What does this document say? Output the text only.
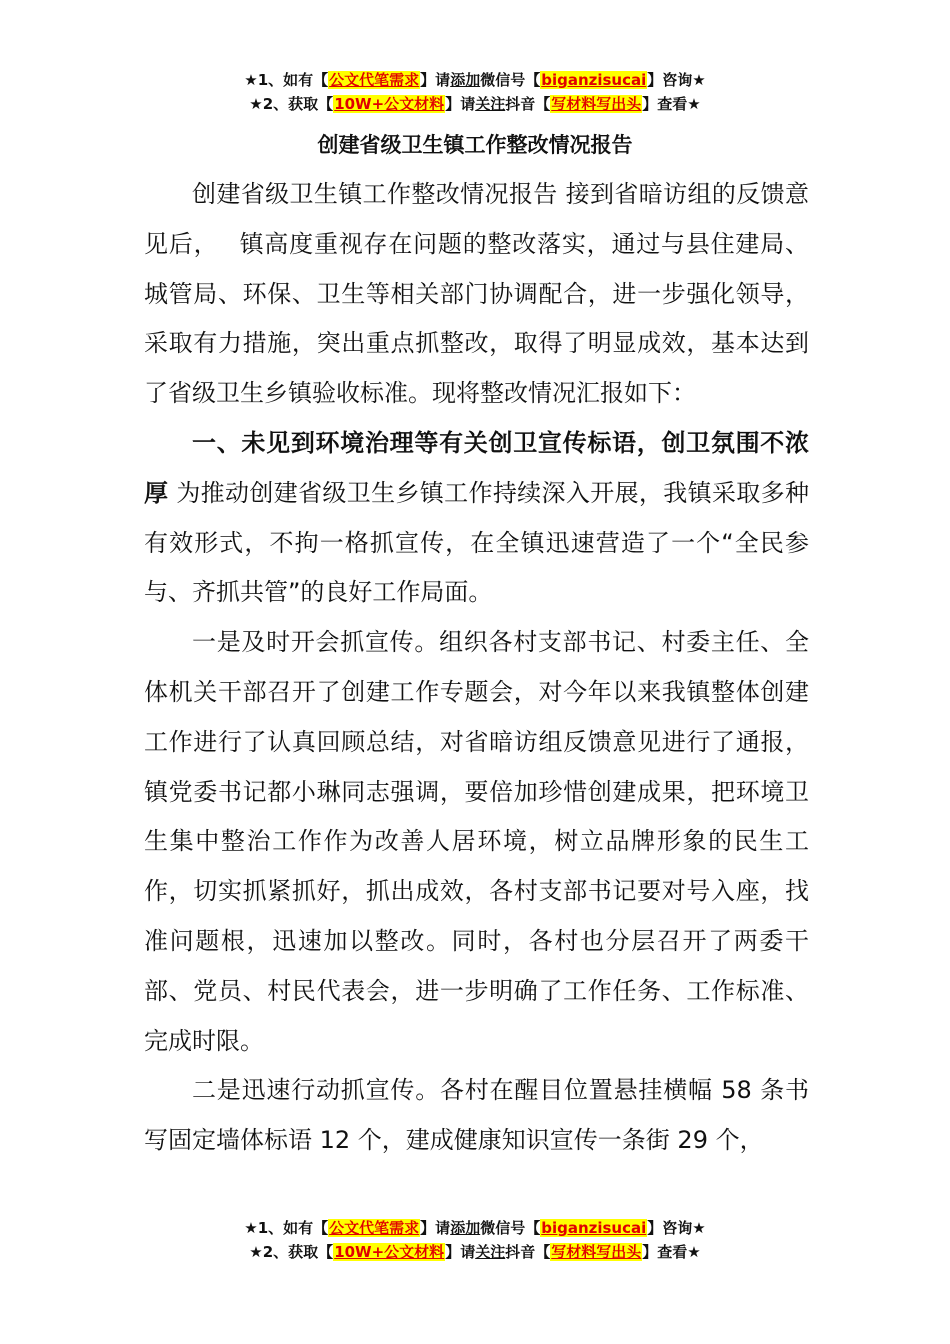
★1、如有【公文代笔需求】请添加微信号【biganzisucai】咨询★
★2、获取【10W+公文材料】请关注抖音【写材料写出头】查看★
创建省级卫生镇工作整改情况报告

创建省级卫生镇工作整改情况报告 接到省暗访组的反馈意见后，　 镇高度重视存在问题的整改落实，通过与县住建局、城管局、环保、卫生等相关部门协调配合，进一步强化领导，采取有力措施，突出重点抓整改，取得了明显成效，基本达到了省级卫生乡镇验收标准。现将整改情况汇报如下：

一、未见到环境治理等有关创卫宣传标语，创卫氛围不浓厚 为推动创建省级卫生乡镇工作持续深入开展，我镇采取多种有效形式，不拘一格抓宣传，在全镇迅速营造了一个“全民参与、齐抓共管”的良好工作局面。

一是及时开会抓宣传。组织各村支部书记、村委主任、全体机关干部召开了创建工作专题会，对今年以来我镇整体创建工作进行了认真回顾总结，对省暗访组反馈意见进行了通报，镇党委书记都小琳同志强调，要倍加珍惜创建成果，把环境卫生集中整治工作作为改善人居环境，树立品牌形象的民生工作，切实抓紧抓好，抓出成效，各村支部书记要对号入座，找准问题根，迅速加以整改。同时，各村也分层召开了两委干部、党员、村民代表会，进一步明确了工作任务、工作标准、完成时限。

二是迅速行动抓宣传。各村在醒目位置悬挂横幅 58 条书写固定墙体标语 12 个，建成健康知识宣传一条街 29 个，

★1、如有【公文代笔需求】请添加微信号【biganzisucai】咨询★
★2、获取【10W+公文材料】请关注抖音【写材料写出头】查看★
